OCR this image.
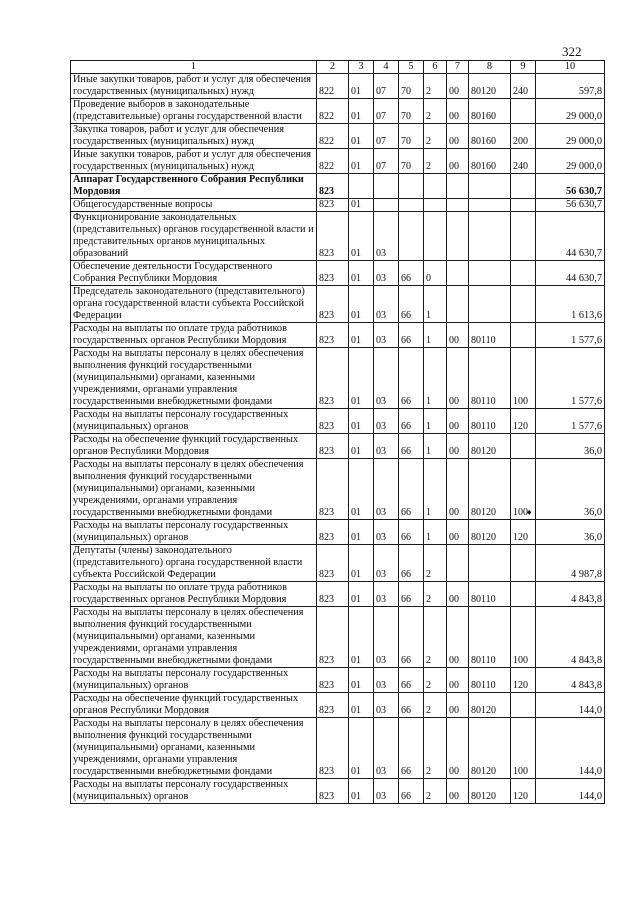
322
1	2	3	4	5	6	7	8	9	10
Иные закупки товаров, работ и услуг для обеспечения государственных (муниципальных) нужд	822	01	07	70	2	00	80120	240	597,8
Проведение выборов в законодательные (представительные) органы государственной власти	822	01	07	70	2	00	80160		29 000,0
Закупка товаров, работ и услуг для обеспечения государственных (муниципальных) нужд	822	01	07	70	2	00	80160	200	29 000,0
Иные закупки товаров, работ и услуг для обеспечения государственных (муниципальных) нужд	822	01	07	70	2	00	80160	240	29 000,0
Аппарат Государственного Собрания Республики Мордовия	823								56 630,7
Общегосударственные вопросы	823	01							56 630,7
Функционирование законодательных (представительных) органов государственной власти и представительных органов муниципальных образований	823	01	03						44 630,7
Обеспечение деятельности Государственного Собрания Республики Мордовия	823	01	03	66	0				44 630,7
Председатель законодательного (представительного) органа государственной власти субъекта Российской Федерации	823	01	03	66	1				1 613,6
Расходы на выплаты по оплате труда работников государственных органов Республики Мордовия	823	01	03	66	1	00	80110		1 577,6
Расходы на выплаты персоналу в целях обеспечения выполнения функций государственными (муниципальными) органами, казенными учреждениями, органами управления государственными внебюджетными фондами	823	01	03	66	1	00	80110	100	1 577,6
Расходы на выплаты персоналу государственных (муниципальных) органов	823	01	03	66	1	00	80110	120	1 577,6
Расходы на обеспечение функций государственных органов Республики Мордовия	823	01	03	66	1	00	80120		36,0
Расходы на выплаты персоналу в целях обеспечения выполнения функций государственными (муниципальными) органами, казенными учреждениями, органами управления государственными внебюджетными фондами	823	01	03	66	1	00	80120	100	36,0
Расходы на выплаты персоналу государственных (муниципальных) органов	823	01	03	66	1	00	80120	120	36,0
Депутаты (члены) законодательного (представительного) органа государственной власти субъекта Российской Федерации	823	01	03	66	2				4 987,8
Расходы на выплаты по оплате труда работников государственных органов Республики Мордовия	823	01	03	66	2	00	80110		4 843,8
Расходы на выплаты персоналу в целях обеспечения выполнения функций государственными (муниципальными) органами, казенными учреждениями, органами управления государственными внебюджетными фондами	823	01	03	66	2	00	80110	100	4 843,8
Расходы на выплаты персоналу государственных (муниципальных) органов	823	01	03	66	2	00	80110	120	4 843,8
Расходы на обеспечение функций государственных органов Республики Мордовия	823	01	03	66	2	00	80120		144,0
Расходы на выплаты персоналу в целях обеспечения выполнения функций государственными (муниципальными) органами, казенными учреждениями, органами управления государственными внебюджетными фондами	823	01	03	66	2	00	80120	100	144,0
Расходы на выплаты персоналу государственных (муниципальных) органов	823	01	03	66	2	00	80120	120	144,0
♦
